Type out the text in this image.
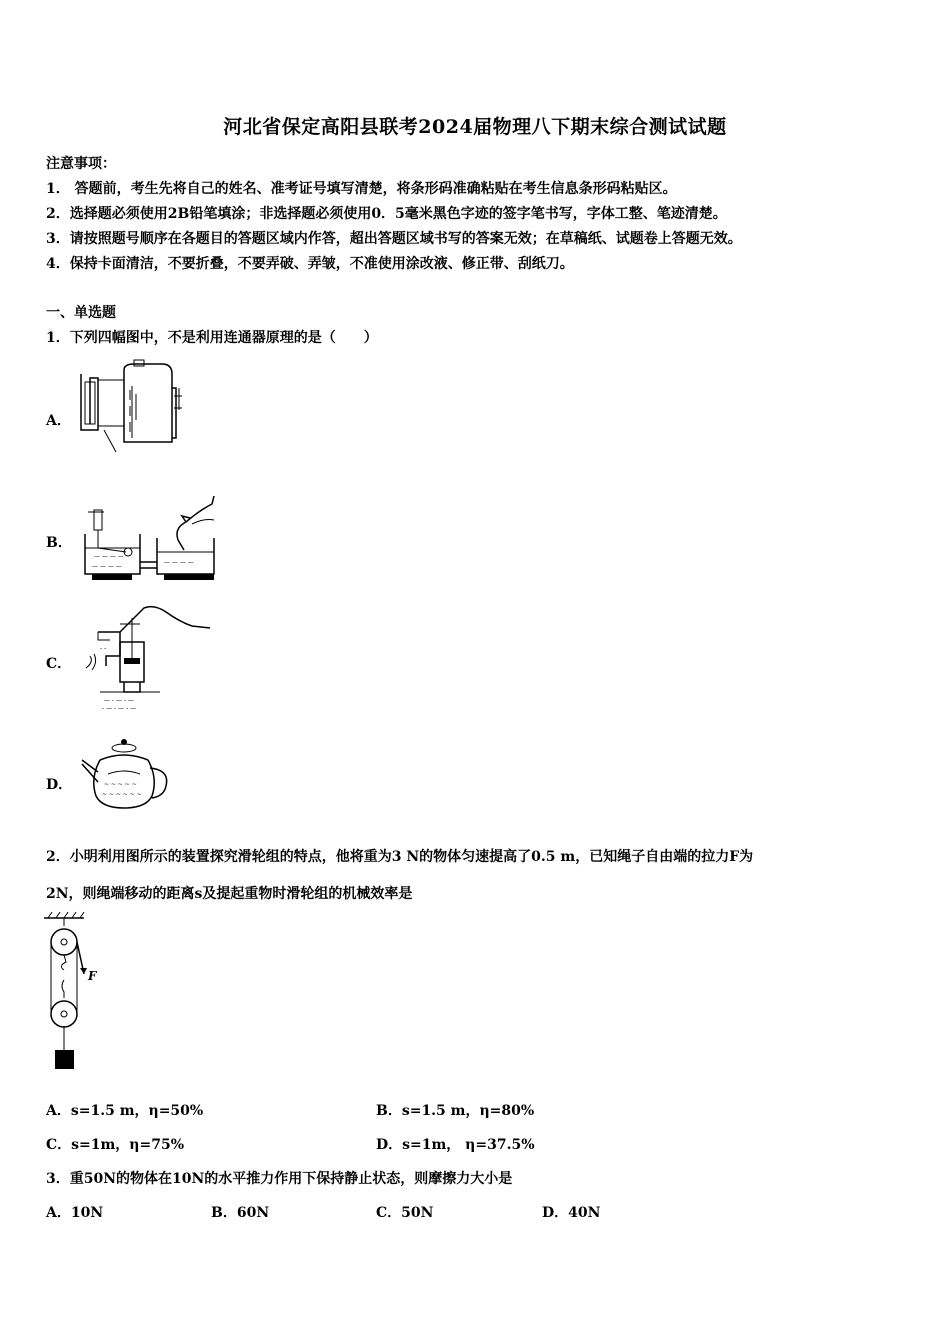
河北省保定高阳县联考2024届物理八下期末综合测试试题
注意事项：
1． 答题前，考生先将自己的姓名、准考证号填写清楚，将条形码准确粘贴在考生信息条形码粘贴区。
2．选择题必须使用2B铅笔填涂；非选择题必须使用0．5毫米黑色字迹的签字笔书写，字体工整、笔迹清楚。
3．请按照题号顺序在各题目的答题区域内作答，超出答题区域书写的答案无效；在草稿纸、试题卷上答题无效。
4．保持卡面清洁，不要折叠，不要弄破、弄皱，不准使用涂改液、修正带、刮纸刀。
一、单选题
1．下列四幅图中，不是利用连通器原理的是（　　）
A．
B．
— — — —
— — — —
— — — —
C．
- -
— - — - —
- — - — - —
D．	~ ~ ~ ~ ~
~ ~ ~ ~ ~ ~
2．小明利用图所示的装置探究滑轮组的特点，他将重为3 N的物体匀速提高了0.5 m，已知绳子自由端的拉力F为
2N，则绳端移动的距离s及提起重物时滑轮组的机械效率是
F
A．s=1.5 m，η=50%	B．s=1.5 m，η=80%
C．s=1m，η=75%	D．s=1m， η=37.5%
3．重50N的物体在10N的水平推力作用下保持静止状态，则摩擦力大小是
A．10N	B．60N	C．50N	D．40N
